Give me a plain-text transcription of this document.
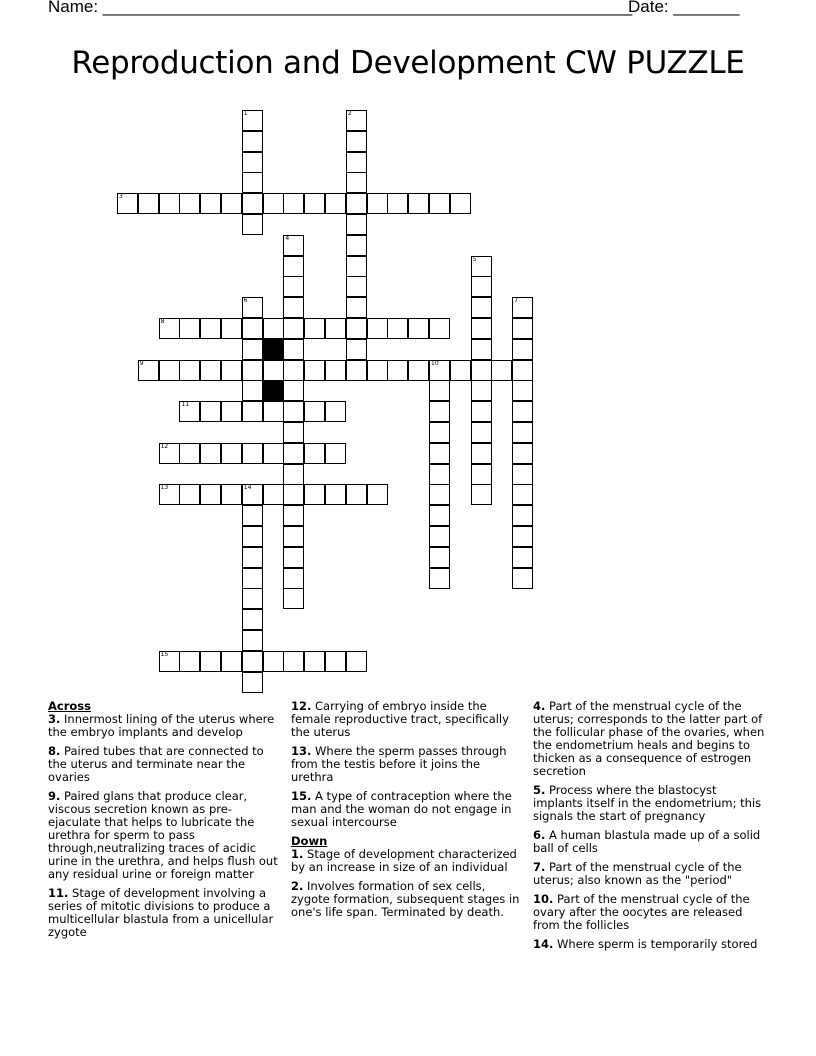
Name: ________________________________________________________
Date: _______
Reproduction and Development CW PUZZLE
3
8
9	10
11
12
13	14
15
1	2
4
5
6	7
Across
3. Innermost lining of the uterus where the embryo implants and develop
8. Paired tubes that are connected to the uterus and terminate near the ovaries
9. Paired glans that produce clear, viscous secretion known as pre-ejaculate that helps to lubricate the urethra for sperm to pass through,neutralizing traces of acidic urine in the urethra, and helps flush out any residual urine or foreign matter
11. Stage of development involving a series of mitotic divisions to produce a multicellular blastula from a unicellular zygote
12. Carrying of embryo inside the female reproductive tract, specifically the uterus
13. Where the sperm passes through from the testis before it joins the urethra
15. A type of contraception where the man and the woman do not engage in sexual intercourse
Down
1. Stage of development characterized by an increase in size of an individual
2. Involves formation of sex cells, zygote formation, subsequent stages in one's life span. Terminated by death.
4. Part of the menstrual cycle of the uterus; corresponds to the latter part of the follicular phase of the ovaries, when the endometrium heals and begins to thicken as a consequence of estrogen secretion
5. Process where the blastocyst implants itself in the endometrium; this signals the start of pregnancy
6. A human blastula made up of a solid ball of cells
7. Part of the menstrual cycle of the uterus; also known as the "period"
10. Part of the menstrual cycle of the ovary after the oocytes are released from the follicles
14. Where sperm is temporarily stored
